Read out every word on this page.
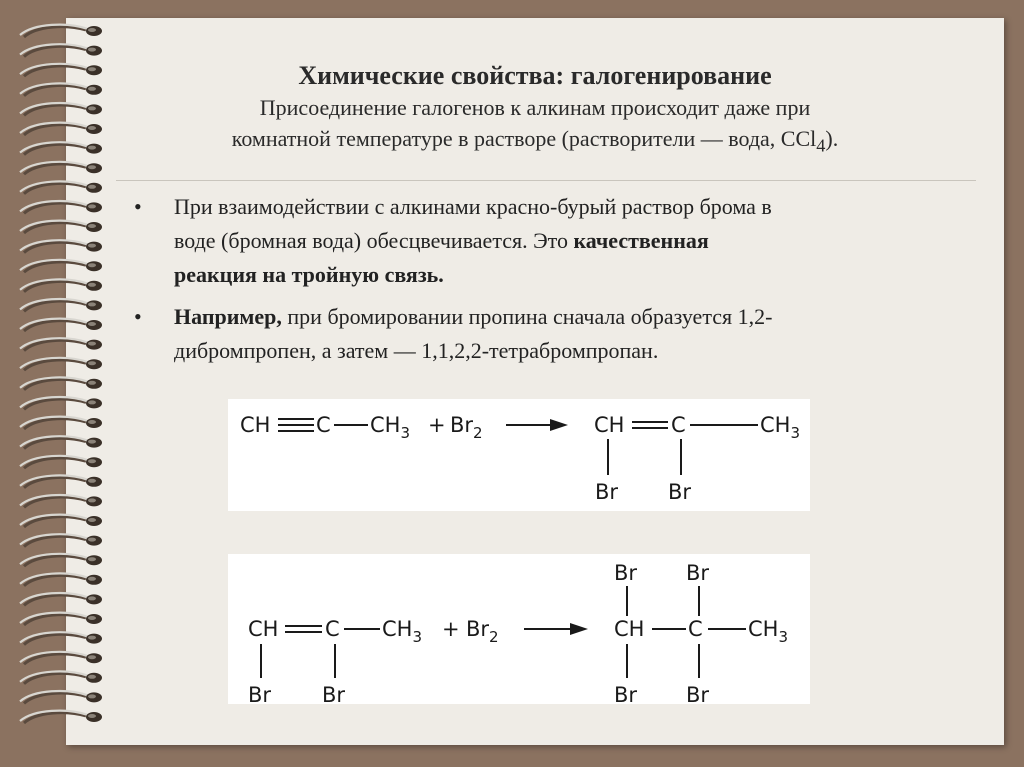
Химические свойства: галогенирование
Присоединение галогенов к алкинам происходит даже при
комнатной температуре в растворе (растворители — вода, CCl$_4$).
• При взаимодействии с алкинами красно-бурый раствор брома в
воде (бромная вода) обесцвечивается. Это качественная
реакция на тройную связь.
• Например, при бромировании пропина сначала образуется 1,2-
дибромпропен, а затем — 1,1,2,2-тетрабромпропан.
CH C $CH_3 + Br_2$	CH C	$CH_3$
Br Br
CH C $CH_3$
Br Br
+ $Br_2$	CH C $CH_3$
Br Br
Br Br
